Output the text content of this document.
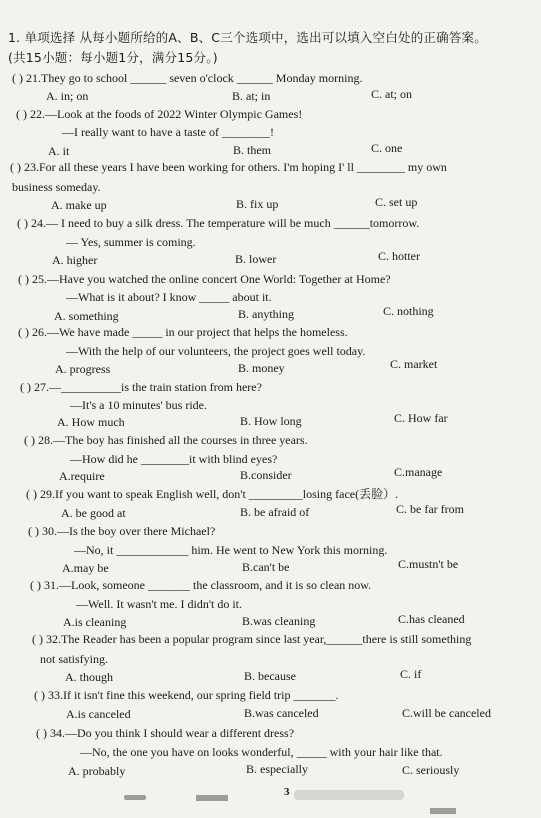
1. 单项选择 从每小题所给的A、B、C三个选项中，选出可以填入空白处的正确答案。
(共15小题：每小题1分，满分15分。)
( ) 21.They go to school ______ seven o'clock ______ Monday morning.
A. in; on	B. at; in	C. at; on
( ) 22.—Look at the foods of 2022 Winter Olympic Games!
—I really want to have a taste of ________!
A. it	B. them	C. one
( ) 23.For all these years I have been working for others. I'm hoping I' ll ________ my own
business someday.
A. make up	B. fix up	C. set up
( ) 24.— I need to buy a silk dress. The temperature will be much ______tomorrow.
— Yes, summer is coming.
A. higher	B. lower	C. hotter
( ) 25.—Have you watched the online concert One World: Together at Home?
—What is it about? I know _____ about it.
A. something	B. anything	C. nothing
( ) 26.—We have made _____ in our project that helps the homeless.
—With the help of our volunteers, the project goes well today.
A. progress	B. money	C. market
( ) 27.—__________is the train station from here?
—It's a 10 minutes' bus ride.
A. How much	B. How long	C. How far
( ) 28.—The boy has finished all the courses in three years.
—How did he ________it with blind eyes?
A.require	B.consider	C.manage
( ) 29.If you want to speak English well, don't _________losing face(丢脸）.
A. be good at	B. be afraid of	C. be far from
( ) 30.—Is the boy over there Michael?
—No, it ____________ him. He went to New York this morning.
A.may be	B.can't be	C.mustn't be
( ) 31.—Look, someone _______ the classroom, and it is so clean now.
—Well. It wasn't me. I didn't do it.
A.is cleaning	B.was cleaning	C.has cleaned
( ) 32.The Reader has been a popular program since last year,______there is still something
not satisfying.
A. though	B. because	C. if
( ) 33.If it isn't fine this weekend, our spring field trip _______.
A.is canceled	B.was canceled	C.will be canceled
( ) 34.—Do you think I should wear a different dress?
—No, the one you have on looks wonderful, _____ with your hair like that.
A. probably	B. especially	C. seriously
3
